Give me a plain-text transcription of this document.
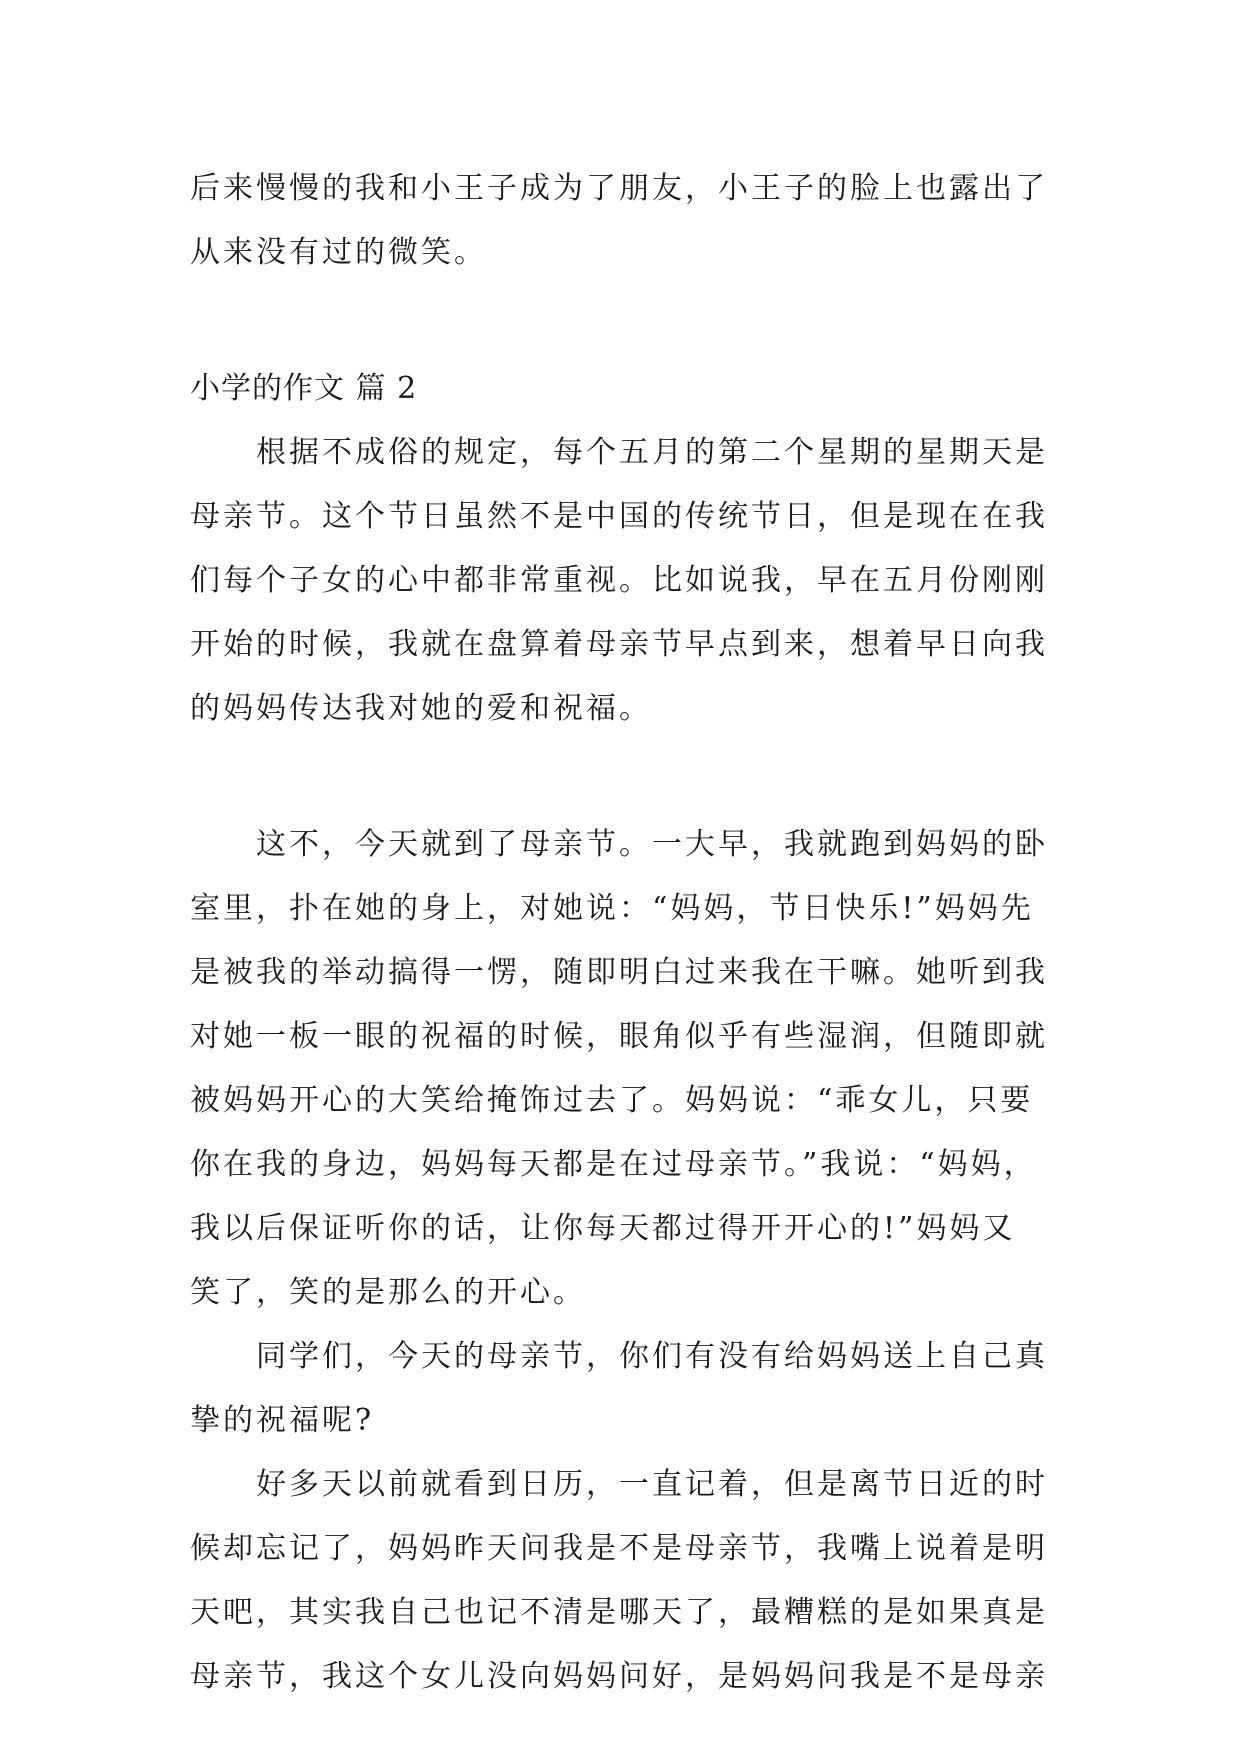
后来慢慢的我和小王子成为了朋友，小王子的脸上也露出了
从来没有过的微笑。
小学的作文 篇 2
根据不成俗的规定，每个五月的第二个星期的星期天是
母亲节。这个节日虽然不是中国的传统节日，但是现在在我
们每个子女的心中都非常重视。比如说我，早在五月份刚刚
开始的时候，我就在盘算着母亲节早点到来，想着早日向我
的妈妈传达我对她的爱和祝福。
这不，今天就到了母亲节。一大早，我就跑到妈妈的卧
室里，扑在她的身上，对她说：“妈妈，节日快乐!”妈妈先
是被我的举动搞得一愣，随即明白过来我在干嘛。她听到我
对她一板一眼的祝福的时候，眼角似乎有些湿润，但随即就
被妈妈开心的大笑给掩饰过去了。妈妈说：“乖女儿，只要
你在我的身边，妈妈每天都是在过母亲节。”我说：“妈妈，
我以后保证听你的话，让你每天都过得开开心的!”妈妈又
笑了，笑的是那么的开心。
同学们，今天的母亲节，你们有没有给妈妈送上自己真
挚的祝福呢?
好多天以前就看到日历，一直记着，但是离节日近的时
候却忘记了，妈妈昨天问我是不是母亲节，我嘴上说着是明
天吧，其实我自己也记不清是哪天了，最糟糕的是如果真是
母亲节，我这个女儿没向妈妈问好，是妈妈问我是不是母亲
